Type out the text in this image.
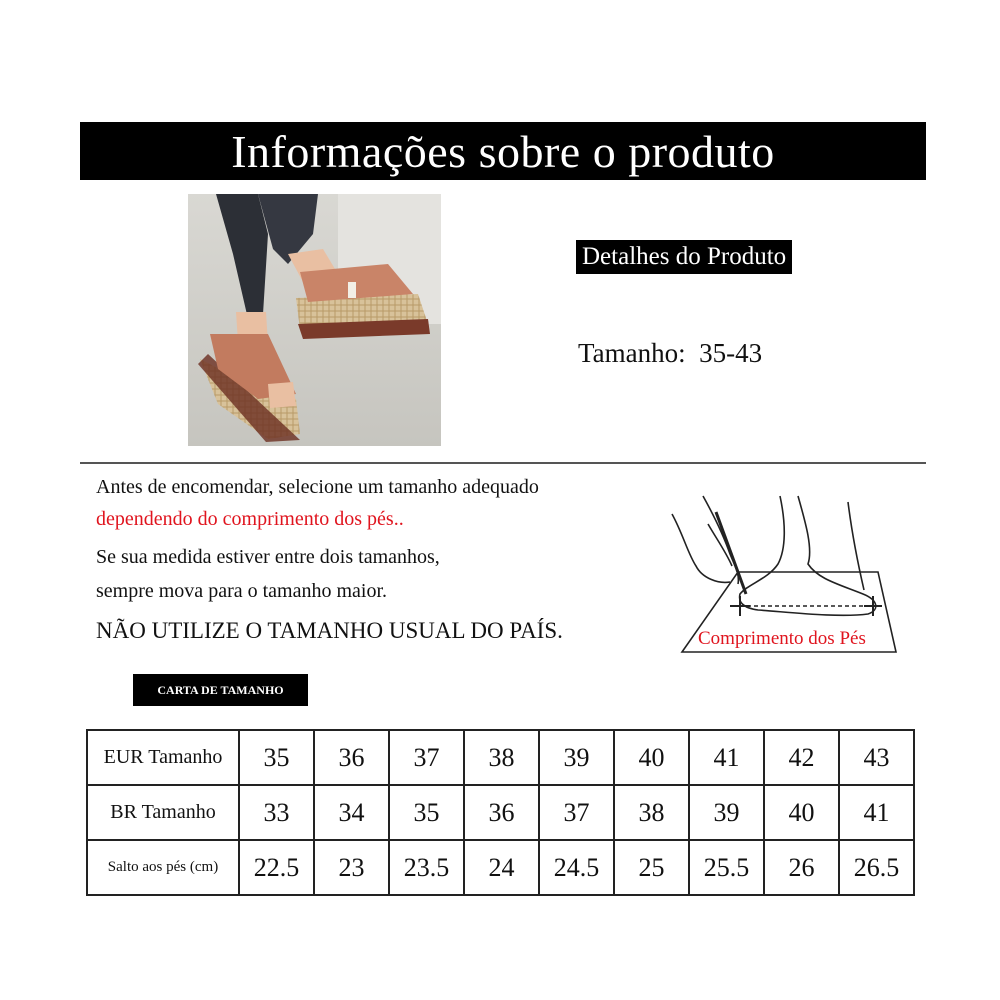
Informações sobre o produto
Detalhes do Produto
Tamanho:  35-43
Antes de encomendar, selecione um tamanho adequado
dependendo do comprimento dos pés..
Se sua medida estiver entre dois tamanhos,
sempre mova para o tamanho maior.
NÃO UTILIZE O TAMANHO USUAL DO PAÍS.	Comprimento dos Pés
CARTA DE TAMANHO
EUR Tamanho	35	36	37	38	39	40	41	42	43
BR Tamanho	33	34	35	36	37	38	39	40	41
Salto aos pés (cm)	22.5	23	23.5	24	24.5	25	25.5	26	26.5
